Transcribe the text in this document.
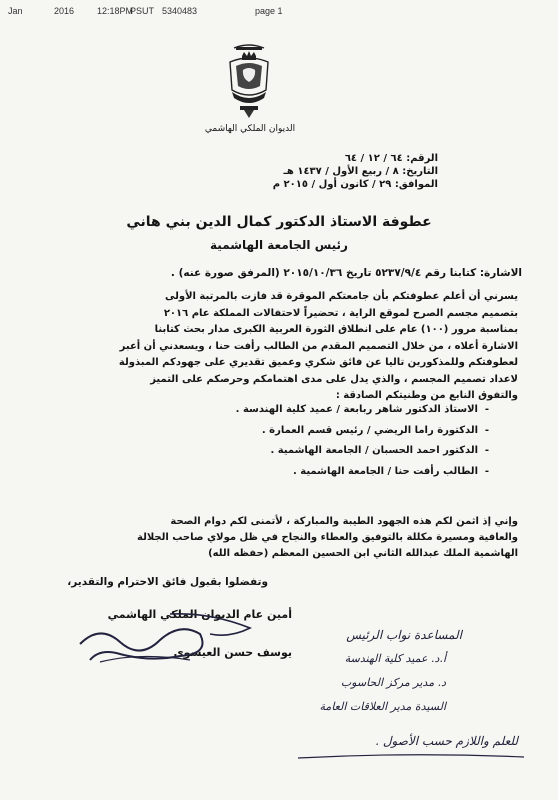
Jan	2016	12:18PM
PSUT 5340483	page 1
الديوان الملكي الهاشمي
الرقم: ٦٤ / ١٢ / ٦٤
التاريخ: ٨ / ربيع الأول / ١٤٣٧ هـ
الموافق: ٢٩ / كانون أول / ٢٠١٥ م
عطوفة الاستاذ الدكتور كمال الدين بني هاني
رئيس الجامعة الهاشمية
الاشارة: كتابنا رقم ٥٢٣٧/٩/٤ تاريخ ٢٠١٥/١٠/٣٦ (المرفق صورة عنه) .
يسرني أن أعلم عطوفتكم بأن جامعتكم الموقرة قد فازت بالمرتبة الأولى
بتصميم مجسم الصرح لموقع الراية ، تحضيراً لاحتفالات المملكة عام ٢٠١٦
بمناسبة مرور (١٠٠) عام على انطلاق الثورة العربية الكبرى مدار بحث كتابنا
الاشارة أعلاه ، من خلال التصميم المقدم من الطالب رأفت حنا ، ويسعدني أن أعبر
لعطوفتكم وللمذكورين تاليا عن فائق شكري وعميق تقديري على جهودكم المبذولة
لاعداد تصميم المجسم ، والذي يدل على مدى اهتمامكم وحرصكم على التميز
والتفوق النابع من وطنيتكم الصادقة :
-الاستاذ الدكتور شاهر ربابعة / عميد كلية الهندسة .
-الدكتورة راما الريضي / رئيس قسم العمارة .
-الدكتور احمد الحسبان / الجامعة الهاشمية .
-الطالب رأفت حنا / الجامعة الهاشمية .
وإني إذ اثمن لكم هذه الجهود الطيبة والمباركة ، لأتمنى لكم دوام الصحة
والعافية ومسيرة مكللة بالتوفيق والعطاء والنجاح في ظل مولاي صاحب الجلالة
الهاشمية الملك عبدالله الثاني ابن الحسين المعظم (حفظه الله)
وتفضلوا بقبول فائق الاحترام والتقدير،
أمين عام الديوان الملكي الهاشمي
يوسف حسن العيسوي
المساعدة نواب الرئيس
أ.د. عميد كلية الهندسة
د. مدير مركز الحاسوب
السيدة مدير العلاقات العامة
للعلم واللازم حسب الأصول .
